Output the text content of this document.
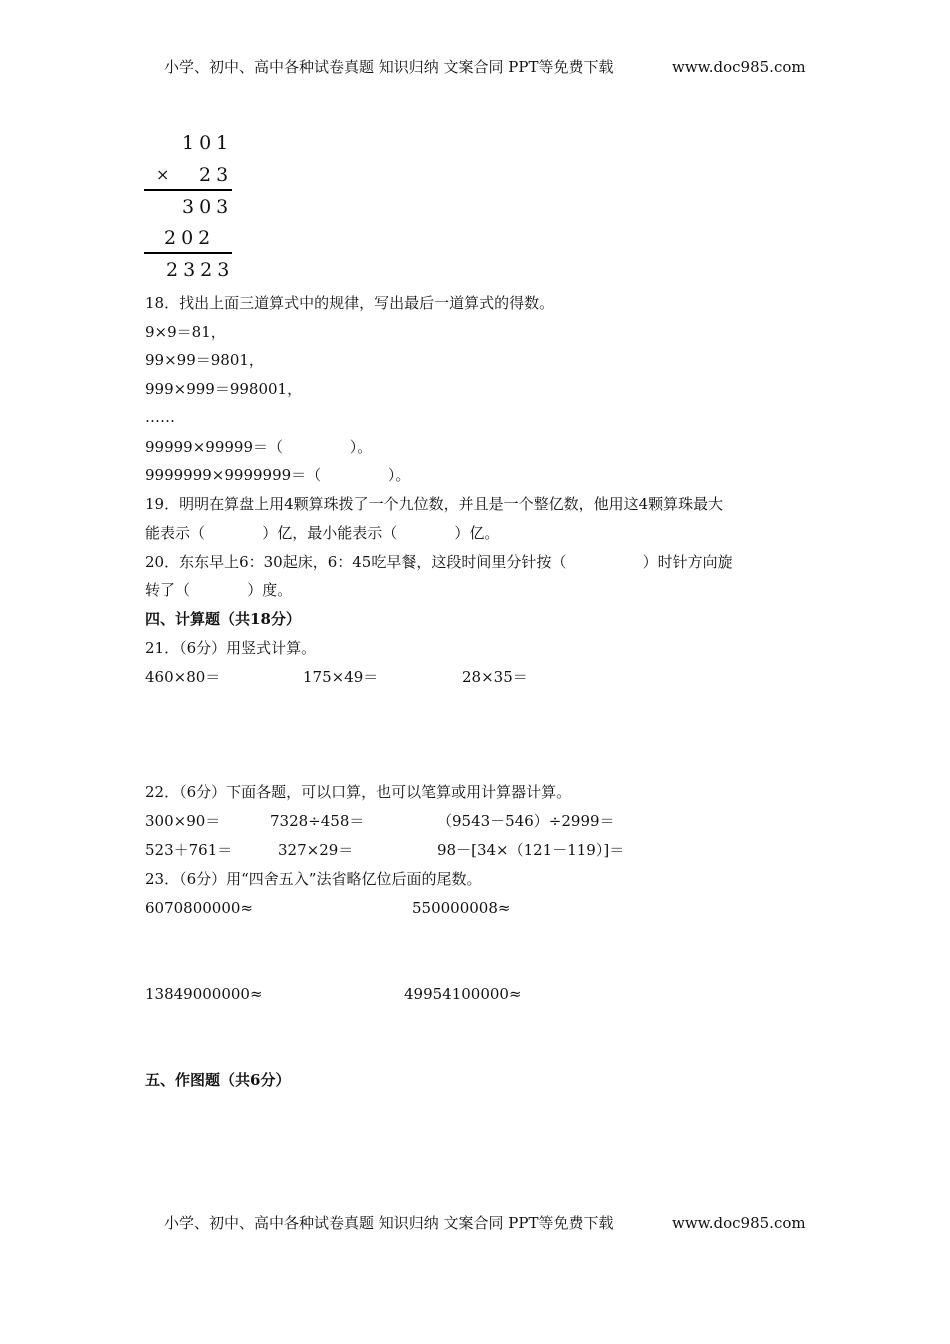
小学、初中、高中各种试卷真题 知识归纳 文案合同 PPT等免费下载	www.doc985.com
101
× 23
303
202
2323
18．找出上面三道算式中的规律，写出最后一道算式的得数。
9×9＝81，
99×99＝9801，
999×999＝998001，
……
99999×99999＝（              ）。
9999999×9999999＝（              ）。
19．明明在算盘上用4颗算珠拨了一个九位数，并且是一个整亿数，他用这4颗算珠最大
能表示（            ）亿，最小能表示（            ）亿。
20．东东早上6：30起床，6：45吃早餐，这段时间里分针按（                ）时针方向旋
转了（            ）度。
四、计算题（共18分）
21．（6分）用竖式计算。
460×80＝	175×49＝	28×35＝
22．（6分）下面各题，可以口算，也可以笔算或用计算器计算。
300×90＝	7328÷458＝	（9543－546）÷2999＝
523＋761＝	327×29＝	98－[34×（121－119）]＝
23．（6分）用“四舍五入”法省略亿位后面的尾数。
6070800000≈	550000008≈
13849000000≈	49954100000≈
五、作图题（共6分）
小学、初中、高中各种试卷真题 知识归纳 文案合同 PPT等免费下载	www.doc985.com
